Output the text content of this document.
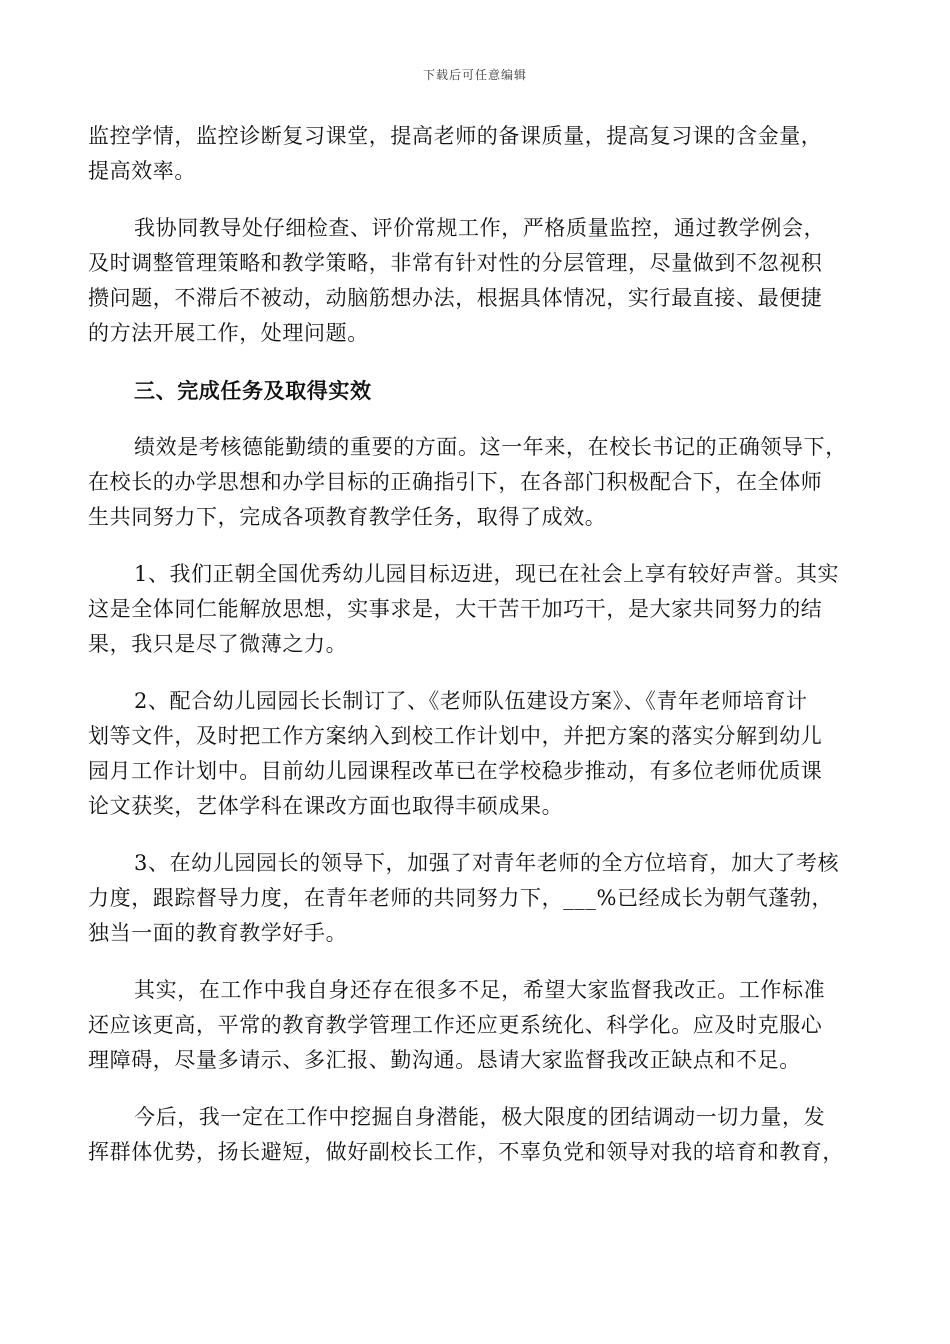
下载后可任意编辑

监控学情，监控诊断复习课堂，提高老师的备课质量，提高复习课的含金量，
提高效率。

我协同教导处仔细检查、评价常规工作，严格质量监控，通过教学例会，
及时调整管理策略和教学策略，非常有针对性的分层管理，尽量做到不忽视积
攒问题，不滞后不被动，动脑筋想办法，根据具体情况，实行最直接、最便捷
的方法开展工作，处理问题。

三、完成任务及取得实效

绩效是考核德能勤绩的重要的方面。这一年来，在校长书记的正确领导下，
在校长的办学思想和办学目标的正确指引下，在各部门积极配合下，在全体师
生共同努力下，完成各项教育教学任务，取得了成效。

1、我们正朝全国优秀幼儿园目标迈进，现已在社会上享有较好声誉。其实
这是全体同仁能解放思想，实事求是，大干苦干加巧干，是大家共同努力的结
果，我只是尽了微薄之力。

2、配合幼儿园园长长制订了、《老师队伍建设方案》、《青年老师培育计
划等文件，及时把工作方案纳入到校工作计划中，并把方案的落实分解到幼儿
园月工作计划中。目前幼儿园课程改革已在学校稳步推动，有多位老师优质课
论文获奖，艺体学科在课改方面也取得丰硕成果。

3、在幼儿园园长的领导下，加强了对青年老师的全方位培育，加大了考核
力度，跟踪督导力度，在青年老师的共同努力下，___%已经成长为朝气蓬勃，
独当一面的教育教学好手。

其实，在工作中我自身还存在很多不足，希望大家监督我改正。工作标准
还应该更高，平常的教育教学管理工作还应更系统化、科学化。应及时克服心
理障碍，尽量多请示、多汇报、勤沟通。恳请大家监督我改正缺点和不足。

今后，我一定在工作中挖掘自身潜能，极大限度的团结调动一切力量，发
挥群体优势，扬长避短，做好副校长工作，不辜负党和领导对我的培育和教育，
